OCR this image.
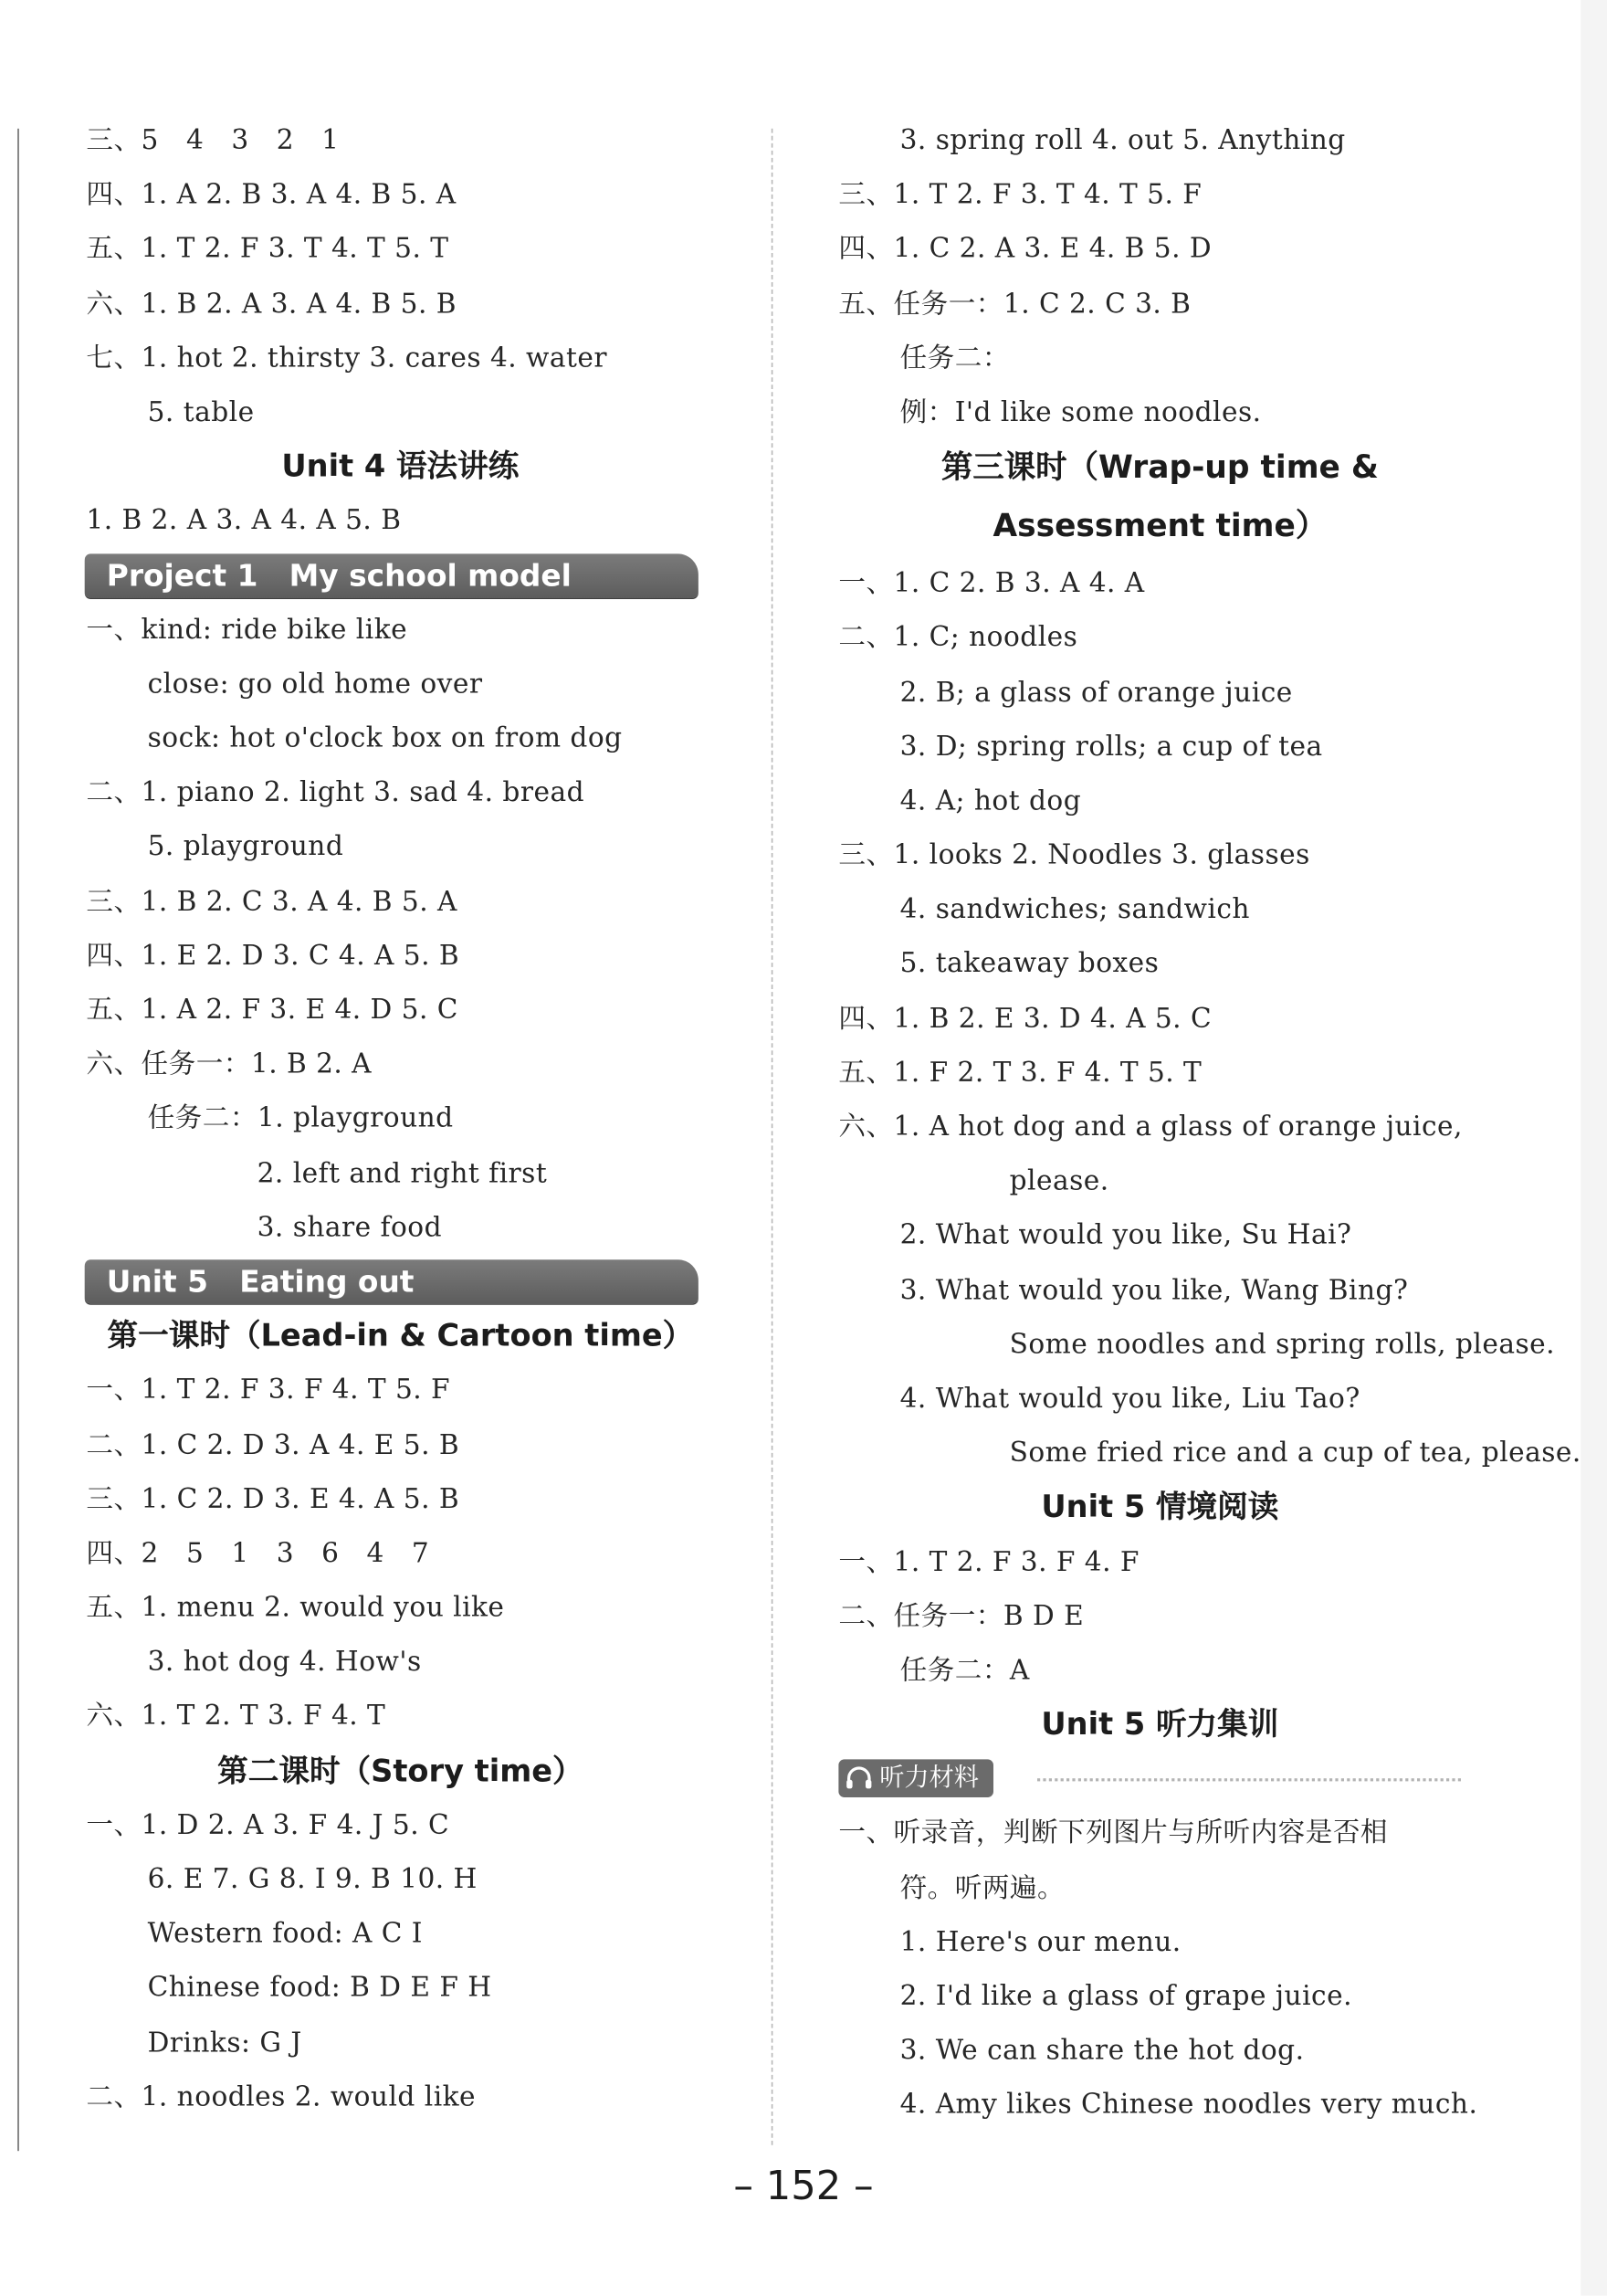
三、5　4　3　2　1
四、1. A 2. B 3. A 4. B 5. A
五、1. T 2. F 3. T 4. T 5. T
六、1. B 2. A 3. A 4. B 5. B
七、1. hot 2. thirsty 3. cares 4. water
5. table
Unit 4 语法讲练
1. B 2. A 3. A 4. A 5. B
Project 1   My school model
一、kind: ride bike like
close: go old home over
sock: hot o'clock box on from dog
二、1. piano 2. light 3. sad 4. bread
5. playground
三、1. B 2. C 3. A 4. B 5. A
四、1. E 2. D 3. C 4. A 5. B
五、1. A 2. F 3. E 4. D 5. C
六、任务一：1. B 2. A
任务二：1. playground
2. left and right first
3. share food
Unit 5   Eating out
第一课时（Lead-in & Cartoon time）
一、1. T 2. F 3. F 4. T 5. F
二、1. C 2. D 3. A 4. E 5. B
三、1. C 2. D 3. E 4. A 5. B
四、2　5　1　3　6　4　7
五、1. menu 2. would you like
3. hot dog 4. How's
六、1. T 2. T 3. F 4. T
第二课时（Story time）
一、1. D 2. A 3. F 4. J 5. C
6. E 7. G 8. I 9. B 10. H
Western food: A C I
Chinese food: B D E F H
Drinks: G J
二、1. noodles 2. would like
3. spring roll 4. out 5. Anything
三、1. T 2. F 3. T 4. T 5. F
四、1. C 2. A 3. E 4. B 5. D
五、任务一：1. C 2. C 3. B
任务二：
例：I'd like some noodles.
第三课时（Wrap-up time &
Assessment time）
一、1. C 2. B 3. A 4. A
二、1. C; noodles
2. B; a glass of orange juice
3. D; spring rolls; a cup of tea
4. A; hot dog
三、1. looks 2. Noodles 3. glasses
4. sandwiches; sandwich
5. takeaway boxes
四、1. B 2. E 3. D 4. A 5. C
五、1. F 2. T 3. F 4. T 5. T
六、1. A hot dog and a glass of orange juice,
please.
2. What would you like, Su Hai?
3. What would you like, Wang Bing?
Some noodles and spring rolls, please.
4. What would you like, Liu Tao?
Some fried rice and a cup of tea, please.
Unit 5 情境阅读
一、1. T 2. F 3. F 4. F
二、任务一：B D E
任务二：A
Unit 5 听力集训
听力材料
一、听录音，判断下列图片与所听内容是否相
符。听两遍。
1. Here's our menu.
2. I'd like a glass of grape juice.
3. We can share the hot dog.
4. Amy likes Chinese noodles very much.
– 152 –
